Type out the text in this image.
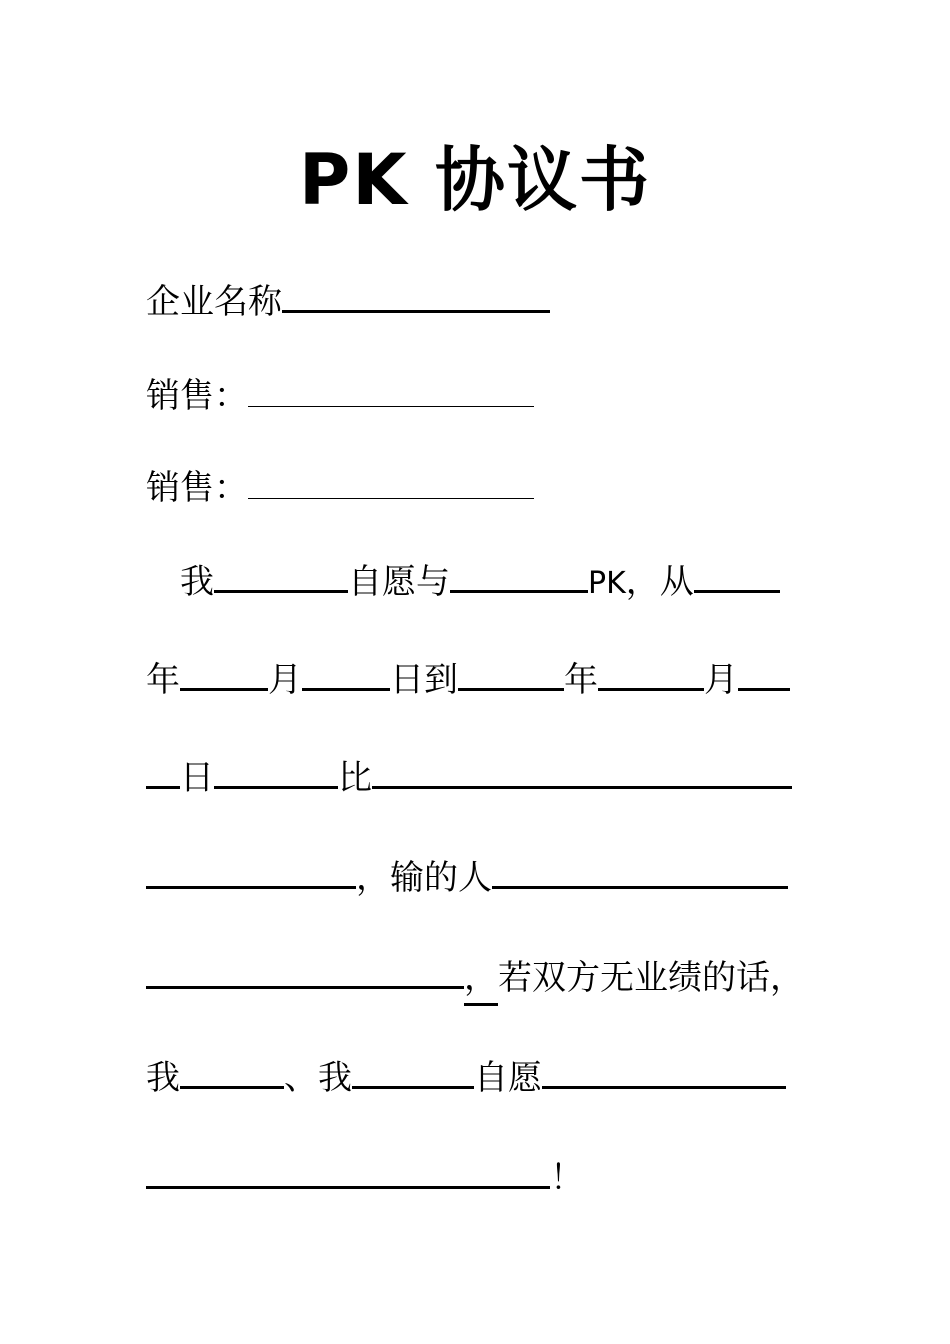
PK 协议书
企业名称
销售：
销售：
我	自愿与	PK，从
年	月	日到	年	月
日	比
，输的人
，若双方无业绩的话，
我	、我	自愿
！
